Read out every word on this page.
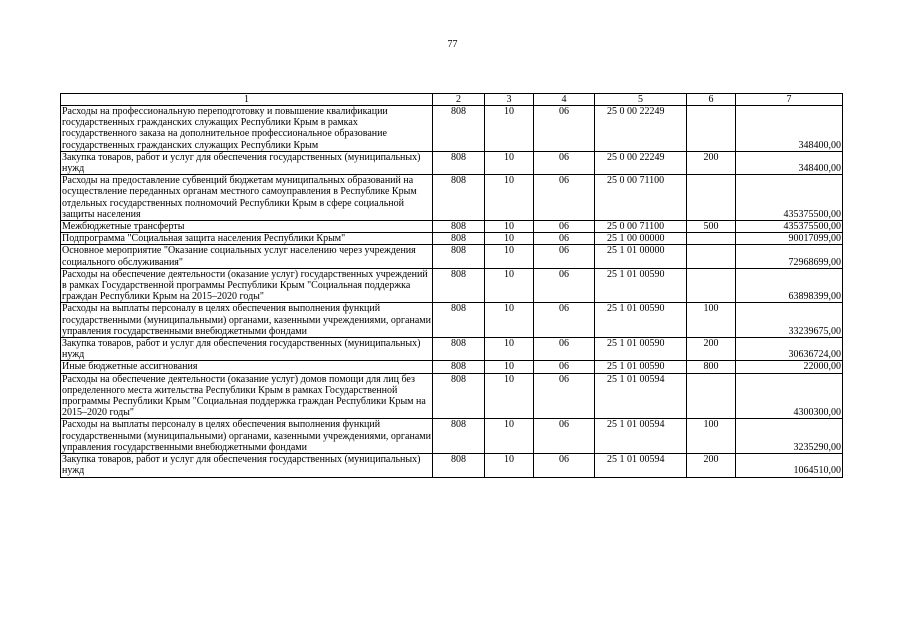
77
1	2	3	4	5	6	7
Расходы на профессиональную переподготовку и повышение квалификации государственных гражданских служащих Республики Крым в рамках государственного заказа на дополнительное профессиональное образование государственных гражданских служащих Республики Крым	808	10	06	25 0 00 22249		348400,00
Закупка товаров, работ и услуг для обеспечения государственных (муниципальных) нужд	808	10	06	25 0 00 22249	200	348400,00
Расходы на предоставление субвенций бюджетам муниципальных образований на осуществление переданных органам местного самоуправления в Республике Крым отдельных государственных полномочий Республики Крым в сфере социальной защиты населения	808	10	06	25 0 00 71100		435375500,00
Межбюджетные трансферты	808	10	06	25 0 00 71100	500	435375500,00
Подпрограмма "Социальная защита населения Республики Крым"	808	10	06	25 1 00 00000		90017099,00
Основное мероприятие "Оказание социальных услуг населению через учреждения социального обслуживания"	808	10	06	25 1 01 00000		72968699,00
Расходы на обеспечение деятельности (оказание услуг) государственных учреждений в рамках Государственной программы Республики Крым "Социальная поддержка граждан Республики Крым на 2015–2020 годы"	808	10	06	25 1 01 00590		63898399,00
Расходы на выплаты персоналу в целях обеспечения выполнения функций государственными (муниципальными) органами, казенными учреждениями, органами управления государственными внебюджетными фондами	808	10	06	25 1 01 00590	100	33239675,00
Закупка товаров, работ и услуг для обеспечения государственных (муниципальных) нужд	808	10	06	25 1 01 00590	200	30636724,00
Иные бюджетные ассигнования	808	10	06	25 1 01 00590	800	22000,00
Расходы на обеспечение деятельности (оказание услуг) домов помощи для лиц без определенного места жительства Республики Крым в рамках Государственной программы Республики Крым "Социальная поддержка граждан Республики Крым на 2015–2020 годы"	808	10	06	25 1 01 00594		4300300,00
Расходы на выплаты персоналу в целях обеспечения выполнения функций государственными (муниципальными) органами, казенными учреждениями, органами управления государственными внебюджетными фондами	808	10	06	25 1 01 00594	100	3235290,00
Закупка товаров, работ и услуг для обеспечения государственных (муниципальных) нужд	808	10	06	25 1 01 00594	200	1064510,00
